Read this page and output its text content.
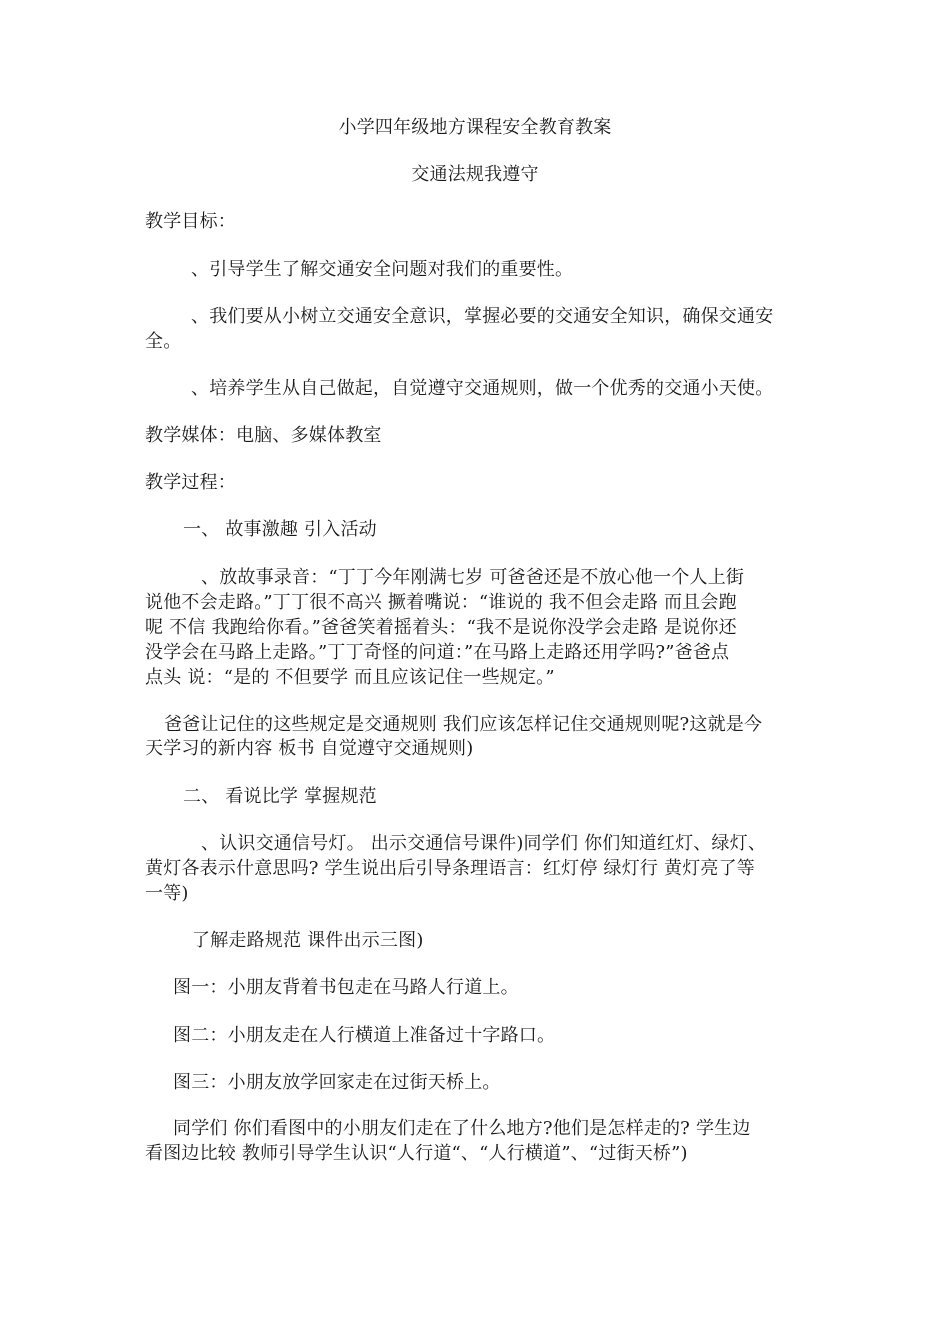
小学四年级地方课程安全教育教案
交通法规我遵守
教学目标：
、引导学生了解交通安全问题对我们的重要性。
、我们要从小树立交通安全意识，掌握必要的交通安全知识，确保交通安
全。
、培养学生从自己做起，自觉遵守交通规则，做一个优秀的交通小天使。
教学媒体：电脑、多媒体教室
教学过程：
一、 故事激趣 引入活动
、放故事录音：“丁丁今年刚满七岁 可爸爸还是不放心他一个人上街
说他不会走路。”丁丁很不高兴 撅着嘴说：“谁说的 我不但会走路 而且会跑
呢 不信 我跑给你看。”爸爸笑着摇着头：“我不是说你没学会走路 是说你还
没学会在马路上走路。”丁丁奇怪的问道：”在马路上走路还用学吗?”爸爸点
点头 说：“是的 不但要学 而且应该记住一些规定。”
爸爸让记住的这些规定是交通规则 我们应该怎样记住交通规则呢?这就是今
天学习的新内容 板书 自觉遵守交通规则)
二、 看说比学 掌握规范
、认识交通信号灯。 出示交通信号课件)同学们 你们知道红灯、绿灯、
黄灯各表示什意思吗? 学生说出后引导条理语言：红灯停 绿灯行 黄灯亮了等
一等)
了解走路规范 课件出示三图)
图一：小朋友背着书包走在马路人行道上。
图二：小朋友走在人行横道上准备过十字路口。
图三：小朋友放学回家走在过街天桥上。
同学们 你们看图中的小朋友们走在了什么地方?他们是怎样走的? 学生边
看图边比较 教师引导学生认识“人行道“、“人行横道”、“过街天桥”)
